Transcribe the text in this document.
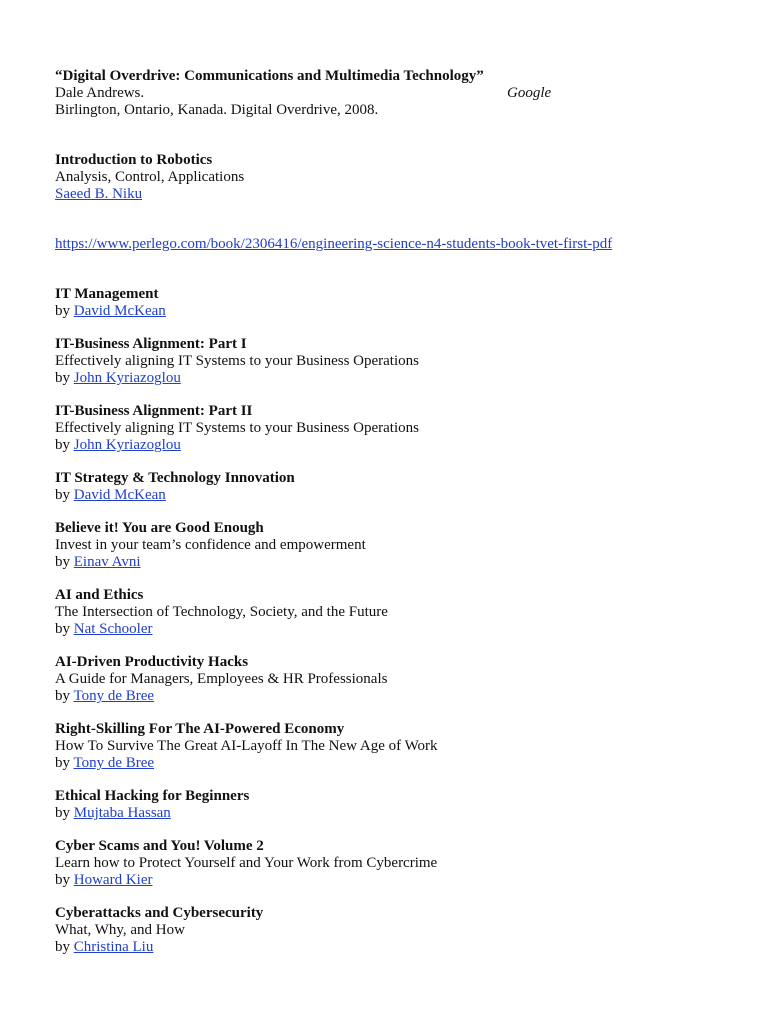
“Digital Overdrive: Communications and Multimedia Technology”
Dale Andrews.	Google
Birlington, Ontario, Kanada. Digital Overdrive, 2008.
Introduction to Robotics
Analysis, Control, Applications
Saeed B. Niku
https://www.perlego.com/book/2306416/engineering-science-n4-students-book-tvet-first-pdf
IT Management
by David McKean
IT-Business Alignment: Part I
Effectively aligning IT Systems to your Business Operations
by John Kyriazoglou
IT-Business Alignment: Part II
Effectively aligning IT Systems to your Business Operations
by John Kyriazoglou
IT Strategy & Technology Innovation
by David McKean
Believe it! You are Good Enough
Invest in your team’s confidence and empowerment
by Einav Avni
AI and Ethics
The Intersection of Technology, Society, and the Future
by Nat Schooler
AI-Driven Productivity Hacks
A Guide for Managers, Employees & HR Professionals
by Tony de Bree
Right-Skilling For The AI-Powered Economy
How To Survive The Great AI-Layoff In The New Age of Work
by Tony de Bree
Ethical Hacking for Beginners
by Mujtaba Hassan
Cyber Scams and You! Volume 2
Learn how to Protect Yourself and Your Work from Cybercrime
by Howard Kier
Cyberattacks and Cybersecurity
What, Why, and How
by Christina Liu
